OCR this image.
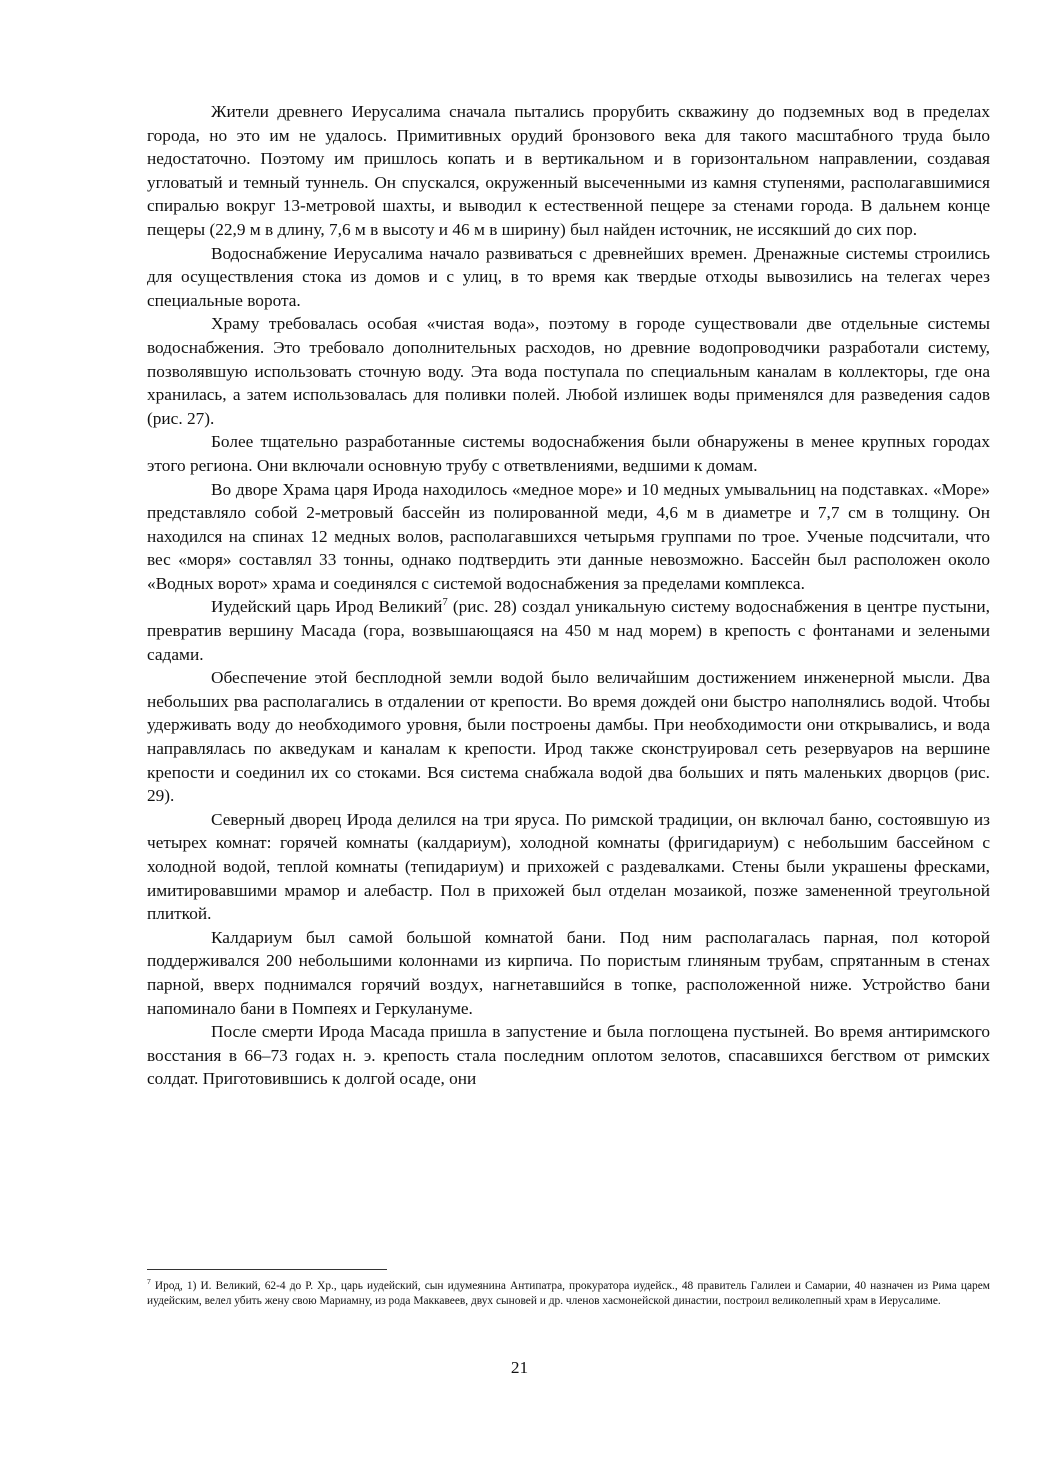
Жители древнего Иерусалима сначала пытались прорубить скважину до подземных вод в пределах города, но это им не удалось. Примитивных орудий бронзового века для такого масштабного труда было недостаточно. Поэтому им пришлось копать и в вертикальном и в горизонтальном направлении, создавая угловатый и темный туннель. Он спускался, окруженный высеченными из камня ступенями, располагавшимися спиралью вокруг 13-метровой шахты, и выводил к естественной пещере за стенами города. В дальнем конце пещеры (22,9 м в длину, 7,6 м в высоту и 46 м в ширину) был найден источник, не иссякший до сих пор.

Водоснабжение Иерусалима начало развиваться с древнейших времен. Дренажные системы строились для осуществления стока из домов и с улиц, в то время как твердые отходы вывозились на телегах через специальные ворота.

Храму требовалась особая «чистая вода», поэтому в городе существовали две отдельные системы водоснабжения. Это требовало дополнительных расходов, но древние водопроводчики разработали систему, позволявшую использовать сточную воду. Эта вода поступала по специальным каналам в коллекторы, где она хранилась, а затем использовалась для поливки полей. Любой излишек воды применялся для разведения садов (рис. 27).

Более тщательно разработанные системы водоснабжения были обнаружены в менее крупных городах этого региона. Они включали основную трубу с ответвлениями, ведшими к домам.

Во дворе Храма царя Ирода находилось «медное море» и 10 медных умывальниц на подставках. «Море» представляло собой 2-метровый бассейн из полированной меди, 4,6 м в диаметре и 7,7 см в толщину. Он находился на спинах 12 медных волов, располагавшихся четырьмя группами по трое. Ученые подсчитали, что вес «моря» составлял 33 тонны, однако подтвердить эти данные невозможно. Бассейн был расположен около «Водных ворот» храма и соединялся с системой водоснабжения за пределами комплекса.

Иудейский царь Ирод Великий$^7$ (рис. 28) создал уникальную систему водоснабжения в центре пустыни, превратив вершину Масада (гора, возвышающаяся на 450 м над морем) в крепость с фонтанами и зелеными садами.

Обеспечение этой бесплодной земли водой было величайшим достижением инженерной мысли. Два небольших рва располагались в отдалении от крепости. Во время дождей они быстро наполнялись водой. Чтобы удерживать воду до необходимого уровня, были построены дамбы. При необходимости они открывались, и вода направлялась по акведукам и каналам к крепости. Ирод также сконструировал сеть резервуаров на вершине крепости и соединил их со стоками. Вся система снабжала водой два больших и пять маленьких дворцов (рис. 29).

Северный дворец Ирода делился на три яруса. По римской традиции, он включал баню, состоявшую из четырех комнат: горячей комнаты (калдариум), холодной комнаты (фригидариум) с небольшим бассейном с холодной водой, теплой комнаты (тепидариум) и прихожей с раздевалками. Стены были украшены фресками, имитировавшими мрамор и алебастр. Пол в прихожей был отделан мозаикой, позже замененной треугольной плиткой.

Калдариум был самой большой комнатой бани. Под ним располагалась парная, пол которой поддерживался 200 небольшими колоннами из кирпича. По пористым глиняным трубам, спрятанным в стенах парной, вверх поднимался горячий воздух, нагнетавшийся в топке, расположенной ниже. Устройство бани напоминало бани в Помпеях и Геркулануме.

После смерти Ирода Масада пришла в запустение и была поглощена пустыней. Во время антиримского восстания в 66–73 годах н. э. крепость стала последним оплотом зелотов, спасавшихся бегством от римских солдат. Приготовившись к долгой осаде, они

$^7$ Ирод, 1) И. Великий, 62-4 до Р. Хр., царь иудейский, сын идумеянина Антипатра, прокуратора иудейск., 48 правитель Галилеи и Самарии, 40 назначен из Рима царем иудейским, велел убить жену свою Мариамну, из рода Маккавеев, двух сыновей и др. членов хасмонейской династии, построил великолепный храм в Иерусалиме.

21
